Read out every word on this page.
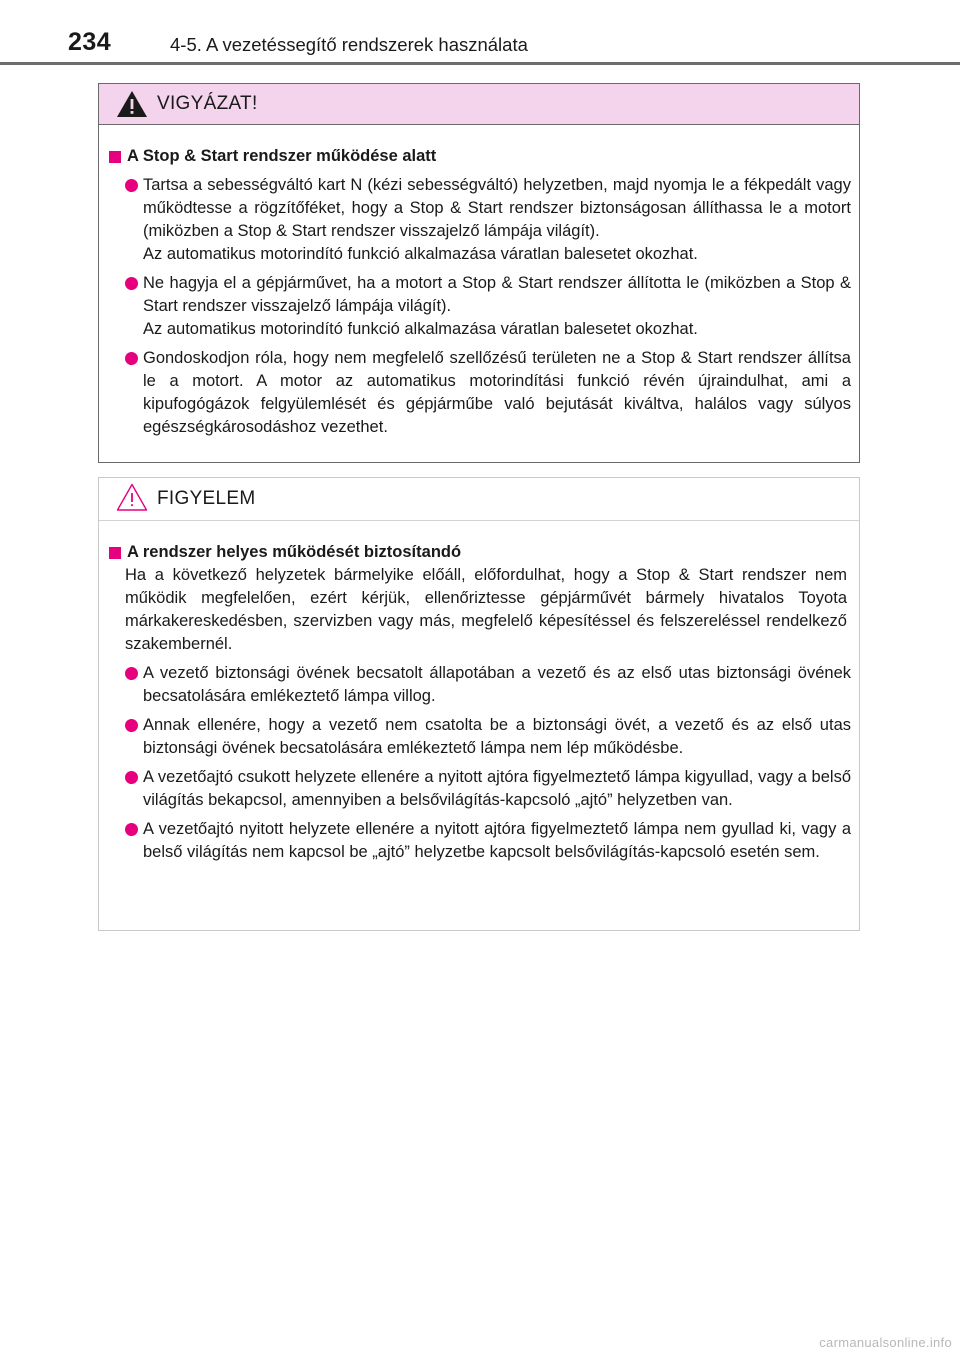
234	4-5. A vezetéssegítő rendszerek használata
VIGYÁZAT!
A Stop & Start rendszer működése alatt
Tartsa a sebességváltó kart N (kézi sebességváltó) helyzetben, majd nyomja le a fékpedált vagy működtesse a rögzítőféket, hogy a Stop & Start rendszer biztonságosan állíthassa le a motort (miközben a Stop & Start rendszer visszajelző lámpája világít).
Az automatikus motorindító funkció alkalmazása váratlan balesetet okozhat.
Ne hagyja el a gépjárművet, ha a motort a Stop & Start rendszer állította le (miközben a Stop & Start rendszer visszajelző lámpája világít).
Az automatikus motorindító funkció alkalmazása váratlan balesetet okozhat.
Gondoskodjon róla, hogy nem megfelelő szellőzésű területen ne a Stop & Start rendszer állítsa le a motort. A motor az automatikus motorindítási funkció révén újraindulhat, ami a kipufogógázok felgyülemlését és gépjárműbe való bejutását kiváltva, halálos vagy súlyos egészségkárosodáshoz vezethet.
FIGYELEM
A rendszer helyes működését biztosítandó
Ha a következő helyzetek bármelyike előáll, előfordulhat, hogy a Stop & Start rendszer nem működik megfelelően, ezért kérjük, ellenőriztesse gépjárművét bármely hivatalos Toyota márkakereskedésben, szervizben vagy más, megfelelő képesítéssel és felszereléssel rendelkező szakembernél.
A vezető biztonsági övének becsatolt állapotában a vezető és az első utas biztonsági övének becsatolására emlékeztető lámpa villog.
Annak ellenére, hogy a vezető nem csatolta be a biztonsági övét, a vezető és az első utas biztonsági övének becsatolására emlékeztető lámpa nem lép működésbe.
A vezetőajtó csukott helyzete ellenére a nyitott ajtóra figyelmeztető lámpa kigyullad, vagy a belső világítás bekapcsol, amennyiben a belsővilágítás-kapcsoló „ajtó” helyzetben van.
A vezetőajtó nyitott helyzete ellenére a nyitott ajtóra figyelmeztető lámpa nem gyullad ki, vagy a belső világítás nem kapcsol be „ajtó” helyzetbe kapcsolt belsővilágítás-kapcsoló esetén sem.
carmanualsonline.info
